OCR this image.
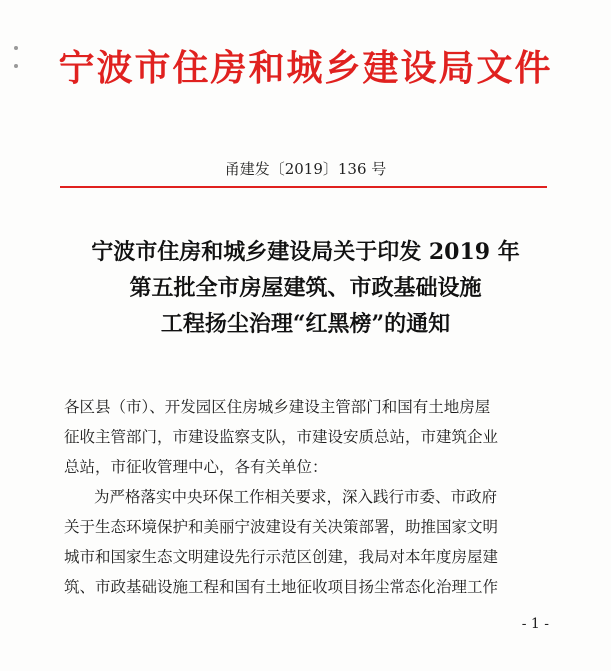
宁波市住房和城乡建设局文件
甬建发〔2019〕136 号
宁波市住房和城乡建设局关于印发 2019 年
第五批全市房屋建筑、市政基础设施
工程扬尘治理“红黑榜”的通知
各区县（市）、开发园区住房城乡建设主管部门和国有土地房屋
征收主管部门，市建设监察支队，市建设安质总站，市建筑企业
总站，市征收管理中心，各有关单位：
为严格落实中央环保工作相关要求，深入践行市委、市政府
关于生态环境保护和美丽宁波建设有关决策部署，助推国家文明
城市和国家生态文明建设先行示范区创建，我局对本年度房屋建
筑、市政基础设施工程和国有土地征收项目扬尘常态化治理工作
- 1 -
